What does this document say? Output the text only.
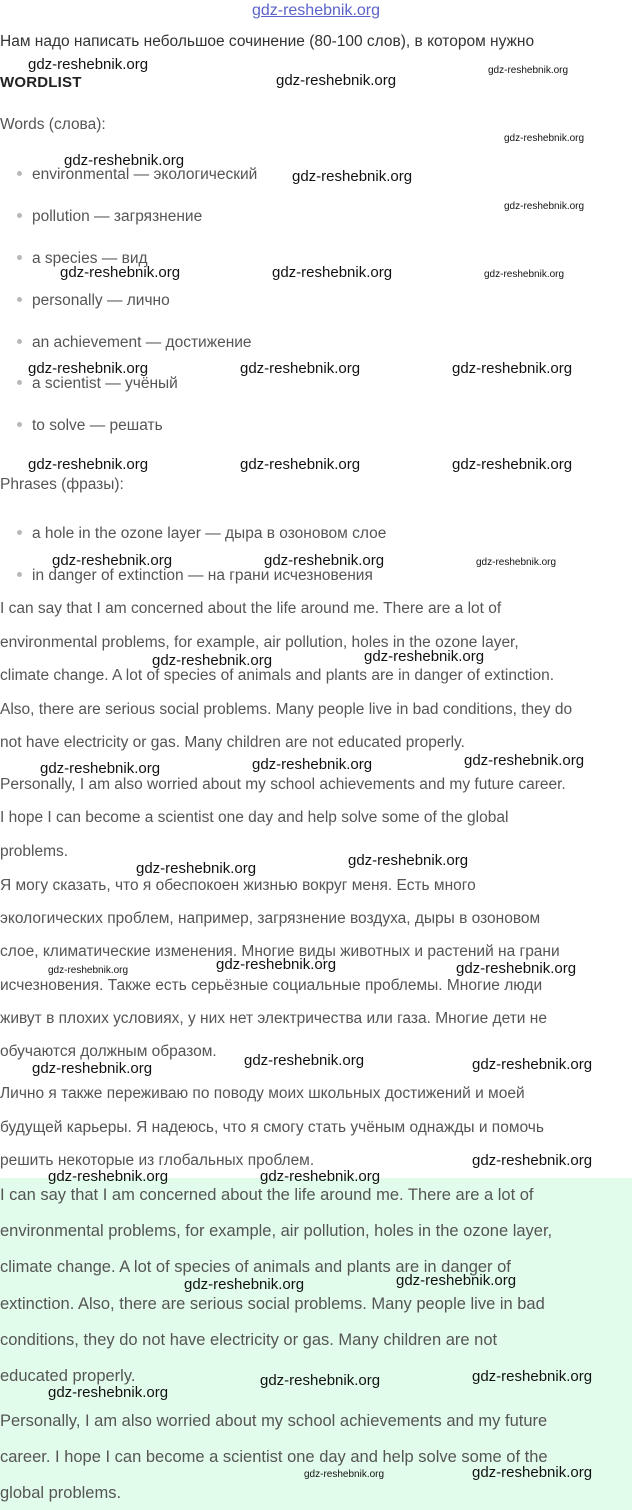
gdz-reshebnik.org
Нам надо написать небольшое сочинение (80-100 слов), в котором нужно
WORDLIST
Words (слова):
environmental — экологический
pollution — загрязнение
a species — вид
personally — лично
an achievement — достижение
a scientist — учёный
to solve — решать
Phrases (фразы):
a hole in the ozone layer — дыра в озоновом слое
in danger of extinction — на грани исчезновения
I can say that I am concerned about the life around me. There are a lot of
environmental problems, for example, air pollution, holes in the ozone layer,
climate change. A lot of species of animals and plants are in danger of extinction.
Also, there are serious social problems. Many people live in bad conditions, they do
not have electricity or gas. Many children are not educated properly.
Personally, I am also worried about my school achievements and my future career.
I hope I can become a scientist one day and help solve some of the global
problems.
Я могу сказать, что я обеспокоен жизнью вокруг меня. Есть много
экологических проблем, например, загрязнение воздуха, дыры в озоновом
слое, климатические изменения. Многие виды животных и растений на грани
исчезновения. Также есть серьёзные социальные проблемы. Многие люди
живут в плохих условиях, у них нет электричества или газа. Многие дети не
обучаются должным образом.
Лично я также переживаю по поводу моих школьных достижений и моей
будущей карьеры. Я надеюсь, что я смогу стать учёным однажды и помочь
решить некоторые из глобальных проблем.
I can say that I am concerned about the life around me. There are a lot of
environmental problems, for example, air pollution, holes in the ozone layer,
climate change. A lot of species of animals and plants are in danger of
extinction. Also, there are serious social problems. Many people live in bad
conditions, they do not have electricity or gas. Many children are not
educated properly.
Personally, I am also worried about my school achievements and my future
career. I hope I can become a scientist one day and help solve some of the
global problems.
gdz-reshebnik.org
gdz-reshebnik.org
gdz-reshebnik.org
gdz-reshebnik.org
gdz-reshebnik.org
gdz-reshebnik.org
gdz-reshebnik.org
gdz-reshebnik.org	gdz-reshebnik.org	gdz-reshebnik.org
gdz-reshebnik.org	gdz-reshebnik.org	gdz-reshebnik.org
gdz-reshebnik.org	gdz-reshebnik.org	gdz-reshebnik.org
gdz-reshebnik.org	gdz-reshebnik.org	gdz-reshebnik.org
gdz-reshebnik.org	gdz-reshebnik.org
gdz-reshebnik.org	gdz-reshebnik.org	gdz-reshebnik.org
gdz-reshebnik.org	gdz-reshebnik.org
gdz-reshebnik.org	gdz-reshebnik.org	gdz-reshebnik.org
gdz-reshebnik.org	gdz-reshebnik.org	gdz-reshebnik.org
gdz-reshebnik.org	gdz-reshebnik.org
gdz-reshebnik.org
gdz-reshebnik.org	gdz-reshebnik.org
gdz-reshebnik.org
gdz-reshebnik.org	gdz-reshebnik.org
gdz-reshebnik.org	gdz-reshebnik.org
